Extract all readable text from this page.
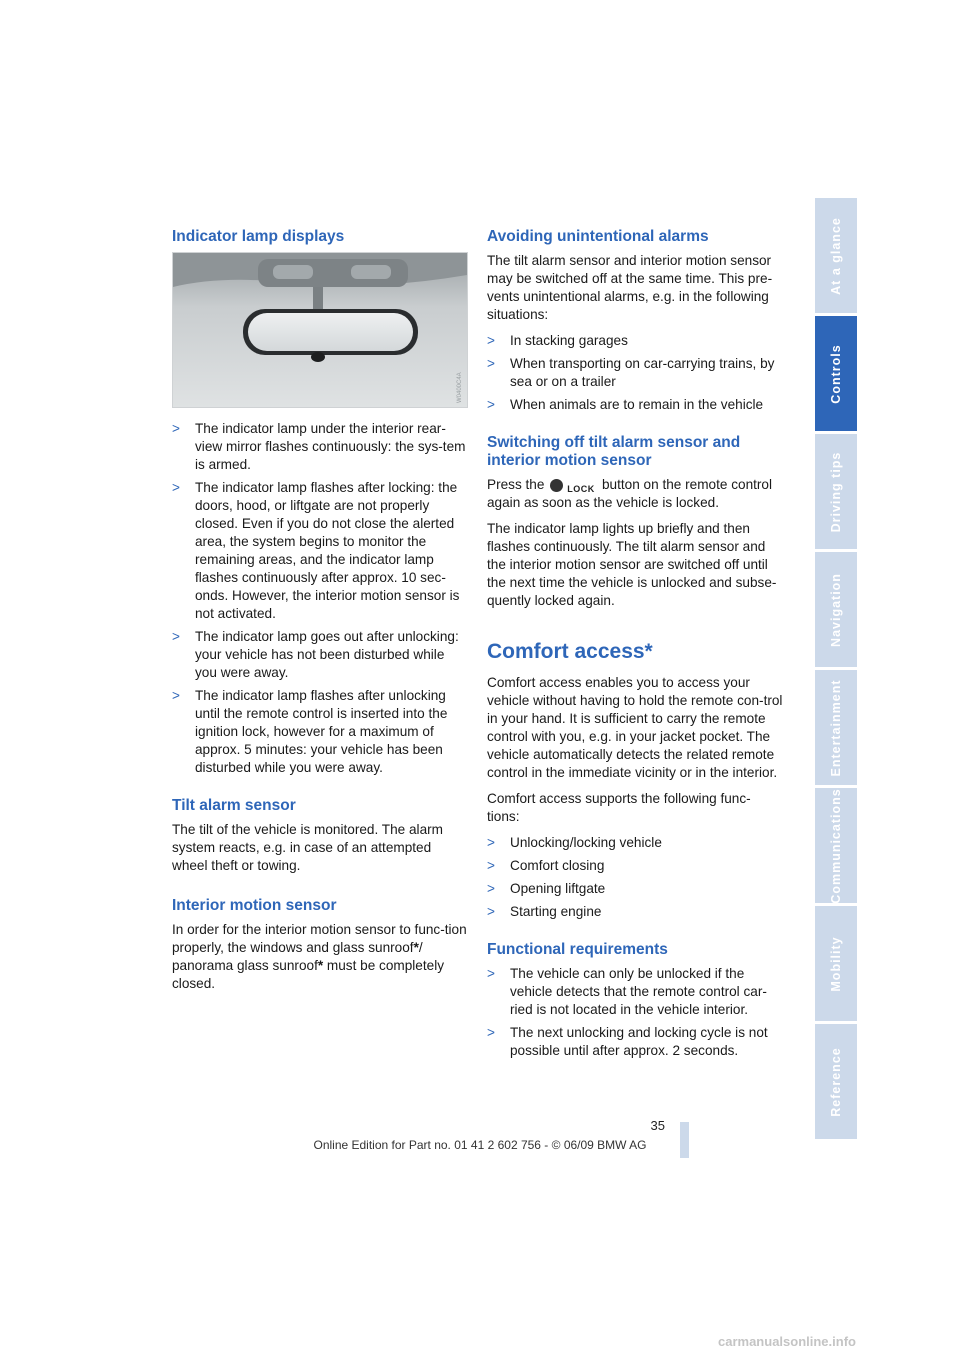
At a glance
Controls
Driving tips
Navigation
Entertainment
Communications
Mobility
Reference
Indicator lamp displays
W0400C4A
> The indicator lamp under the interior rear-view mirror flashes continuously: the sys-tem is armed.
> The indicator lamp flashes after locking: the doors, hood, or liftgate are not properly closed. Even if you do not close the alerted area, the system begins to monitor the remaining areas, and the indicator lamp flashes continuously after approx. 10 sec-onds. However, the interior motion sensor is not activated.
> The indicator lamp goes out after unlocking: your vehicle has not been disturbed while you were away.
> The indicator lamp flashes after unlocking until the remote control is inserted into the ignition lock, however for a maximum of approx. 5 minutes: your vehicle has been disturbed while you were away.
Tilt alarm sensor

The tilt of the vehicle is monitored. The alarm system reacts, e.g. in case of an attempted wheel theft or towing.

Interior motion sensor

In order for the interior motion sensor to func-tion properly, the windows and glass sunroof*/ panorama glass sunroof* must be completely closed.

Avoiding unintentional alarms

The tilt alarm sensor and interior motion sensor may be switched off at the same time. This pre-vents unintentional alarms, e.g. in the following situations:

> In stacking garages
> When transporting on car-carrying trains, by sea or on a trailer
> When animals are to remain in the vehicle
Switching off tilt alarm sensor and interior motion sensor

Press the	LOCK button on the remote control again as soon as the vehicle is locked.

The indicator lamp lights up briefly and then flashes continuously. The tilt alarm sensor and the interior motion sensor are switched off until the next time the vehicle is unlocked and subse-quently locked again.

Comfort access*

Comfort access enables you to access your vehicle without having to hold the remote con-trol in your hand. It is sufficient to carry the remote control with you, e.g. in your jacket pocket. The vehicle automatically detects the related remote control in the immediate vicinity or in the interior.

Comfort access supports the following func-tions:

> Unlocking/locking vehicle
> Comfort closing
> Opening liftgate
> Starting engine
Functional requirements
> The vehicle can only be unlocked if the vehicle detects that the remote control car-ried is not located in the vehicle interior.
> The next unlocking and locking cycle is not possible until after approx. 2 seconds.
35
Online Edition for Part no. 01 41 2 602 756 - © 06/09 BMW AG
carmanualsonline.info
